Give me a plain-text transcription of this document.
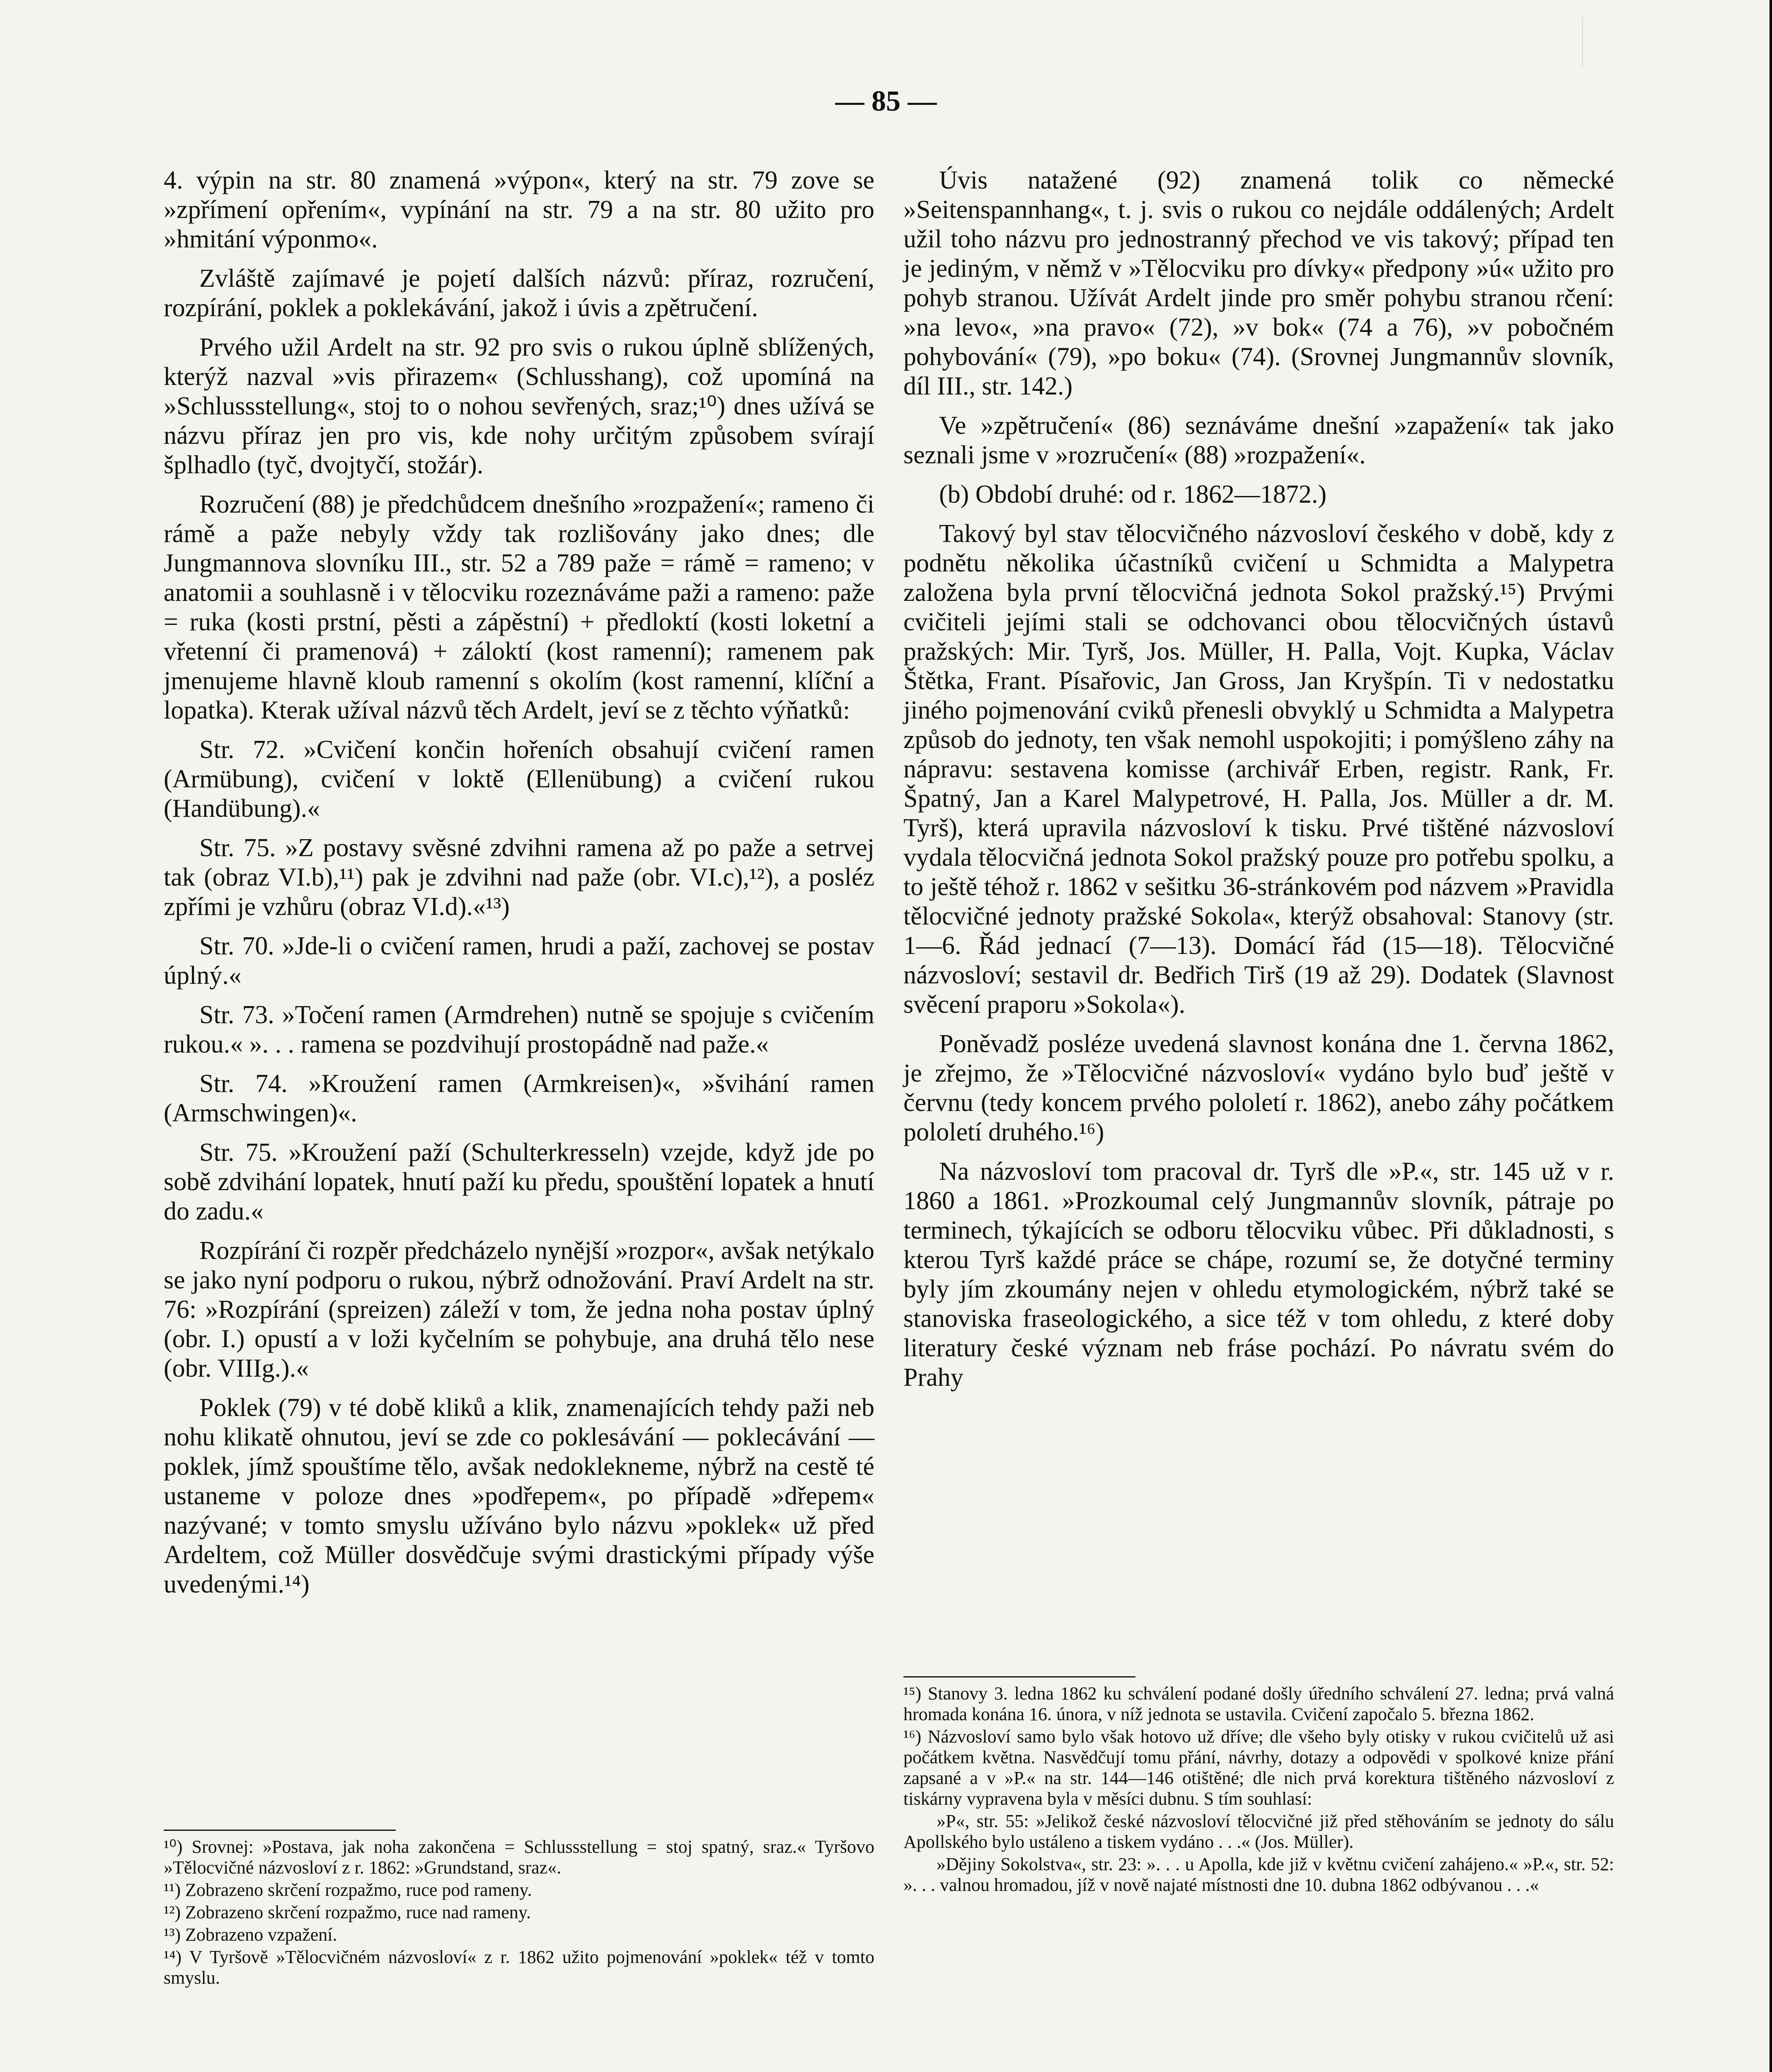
— 85 —

4. výpin na str. 80 znamená »výpon«, který na str. 79 zove se »zpřímení opřením«, vypínání na str. 79 a na str. 80 užito pro »hmitání výponmo«.

Zvláště zajímavé je pojetí dalších názvů: příraz, rozručení, rozpírání, poklek a poklekávání, jakož i úvis a zpětručení.

Prvého užil Ardelt na str. 92 pro svis o rukou úplně sblížených, kterýž nazval »vis přirazem« (Schlusshang), což upomíná na »Schlussstellung«, stoj to o nohou sevřených, sraz;¹⁰) dnes užívá se názvu příraz jen pro vis, kde nohy určitým způsobem svírají šplhadlo (tyč, dvojtyčí, stožár).

Rozručení (88) je předchůdcem dnešního »rozpažení«; rameno či rámě a paže nebyly vždy tak rozlišovány jako dnes; dle Jungmannova slovníku III., str. 52 a 789 paže = rámě = rameno; v anatomii a souhlasně i v tělocviku rozeznáváme paži a rameno: paže = ruka (kosti prstní, pěsti a zápěstní) + předloktí (kosti loketní a vřetenní či pramenová) + záloktí (kost ramenní); ramenem pak jmenujeme hlavně kloub ramenní s okolím (kost ramenní, klíční a lopatka). Kterak užíval názvů těch Ardelt, jeví se z těchto výňatků:

Str. 72. »Cvičení končin hořeních obsahují cvičení ramen (Armübung), cvičení v loktě (Ellenübung) a cvičení rukou (Handübung).«

Str. 75. »Z postavy svěsné zdvihni ramena až po paže a setrvej tak (obraz VI.b),¹¹) pak je zdvihni nad paže (obr. VI.c),¹²), a posléz zpřími je vzhůru (obraz VI.d).«¹³)

Str. 70. »Jde-li o cvičení ramen, hrudi a paží, zachovej se postav úplný.«

Str. 73. »Točení ramen (Armdrehen) nutně se spojuje s cvičením rukou.« ». . . ramena se pozdvihují prostopádně nad paže.«

Str. 74. »Kroužení ramen (Armkreisen)«, »švihání ramen (Armschwingen)«.

Str. 75. »Kroužení paží (Schulterkresseln) vzejde, když jde po sobě zdvihání lopatek, hnutí paží ku předu, spouštění lopatek a hnutí do zadu.«

Rozpírání či rozpěr předcházelo nynější »rozpor«, avšak netýkalo se jako nyní podporu o rukou, nýbrž odnožování. Praví Ardelt na str. 76: »Rozpírání (spreizen) záleží v tom, že jedna noha postav úplný (obr. I.) opustí a v loži kyčelním se pohybuje, ana druhá tělo nese (obr. VIIIg.).«

Poklek (79) v té době kliků a klik, znamenajících tehdy paži neb nohu klikatě ohnutou, jeví se zde co poklesávání — poklecávání — poklek, jímž spouštíme tělo, avšak nedoklekneme, nýbrž na cestě té ustaneme v poloze dnes »podřepem«, po případě »dřepem« nazývané; v tomto smyslu užíváno bylo názvu »poklek« už před Ardeltem, což Müller dosvědčuje svými drastickými případy výše uvedenými.¹⁴)

¹⁰) Srovnej: »Postava, jak noha zakončena = Schlussstellung = stoj spatný, sraz.« Tyršovo »Tělocvičné názvosloví z r. 1862: »Grundstand, sraz«.

¹¹) Zobrazeno skrčení rozpažmo, ruce pod rameny.

¹²) Zobrazeno skrčení rozpažmo, ruce nad rameny.

¹³) Zobrazeno vzpažení.

¹⁴) V Tyršově »Tělocvičném názvosloví« z r. 1862 užito pojmenování »poklek« též v tomto smyslu.

Úvis natažené (92) znamená tolik co německé »Seitenspannhang«, t. j. svis o rukou co nejdále oddálených; Ardelt užil toho názvu pro jednostranný přechod ve vis takový; případ ten je jediným, v němž v »Tělocviku pro dívky« předpony »ú« užito pro pohyb stranou. Užívát Ardelt jinde pro směr pohybu stranou rčení: »na levo«, »na pravo« (72), »v bok« (74 a 76), »v pobočném pohybování« (79), »po boku« (74). (Srovnej Jungmannův slovník, díl III., str. 142.)

Ve »zpětručení« (86) seznáváme dnešní »zapažení« tak jako seznali jsme v »rozručení« (88) »rozpažení«.

(b) Období druhé: od r. 1862—1872.)

Takový byl stav tělocvičného názvosloví českého v době, kdy z podnětu několika účastníků cvičení u Schmidta a Malypetra založena byla první tělocvičná jednota Sokol pražský.¹⁵) Prvými cvičiteli jejími stali se odchovanci obou tělocvičných ústavů pražských: Mir. Tyrš, Jos. Müller, H. Palla, Vojt. Kupka, Václav Štětka, Frant. Písařovic, Jan Gross, Jan Kryšpín. Ti v nedostatku jiného pojmenování cviků přenesli obvyklý u Schmidta a Malypetra způsob do jednoty, ten však nemohl uspokojiti; i pomýšleno záhy na nápravu: sestavena komisse (archivář Erben, registr. Rank, Fr. Špatný, Jan a Karel Malypetrové, H. Palla, Jos. Müller a dr. M. Tyrš), která upravila názvosloví k tisku. Prvé tištěné názvosloví vydala tělocvičná jednota Sokol pražský pouze pro potřebu spolku, a to ještě téhož r. 1862 v sešitku 36-stránkovém pod názvem »Pravidla tělocvičné jednoty pražské Sokola«, kterýž obsahoval: Stanovy (str. 1—6. Řád jednací (7—13). Domácí řád (15—18). Tělocvičné názvosloví; sestavil dr. Bedřich Tirš (19 až 29). Dodatek (Slavnost svěcení praporu »Sokola«).

Poněvadž posléze uvedená slavnost konána dne 1. června 1862, je zřejmo, že »Tělocvičné názvosloví« vydáno bylo buď ještě v červnu (tedy koncem prvého pololetí r. 1862), anebo záhy počátkem pololetí druhého.¹⁶)

Na názvosloví tom pracoval dr. Tyrš dle »P.«, str. 145 už v r. 1860 a 1861. »Prozkoumal celý Jungmannův slovník, pátraje po terminech, týkajících se odboru tělocviku vůbec. Při důkladnosti, s kterou Tyrš každé práce se chápe, rozumí se, že dotyčné terminy byly jím zkoumány nejen v ohledu etymologickém, nýbrž také se stanoviska fraseologického, a sice též v tom ohledu, z které doby literatury české význam neb fráse pochází. Po návratu svém do Prahy

¹⁵) Stanovy 3. ledna 1862 ku schválení podané došly úředního schválení 27. ledna; prvá valná hromada konána 16. února, v níž jednota se ustavila. Cvičení započalo 5. března 1862.

¹⁶) Názvosloví samo bylo však hotovo už dříve; dle všeho byly otisky v rukou cvičitelů už asi počátkem května. Nasvědčují tomu přání, návrhy, dotazy a odpovědi v spolkové knize přání zapsané a v »P.« na str. 144—146 otištěné; dle nich prvá korektura tištěného názvosloví z tiskárny vypravena byla v měsíci dubnu. S tím souhlasí:

»P«, str. 55: »Jelikož české názvosloví tělocvičné již před stěhováním se jednoty do sálu Apollského bylo ustáleno a tiskem vydáno . . .« (Jos. Müller).

»Dějiny Sokolstva«, str. 23: ». . . u Apolla, kde již v květnu cvičení zahájeno.« »P.«, str. 52: ». . . valnou hromadou, jíž v nově najaté místnosti dne 10. dubna 1862 odbývanou . . .«
